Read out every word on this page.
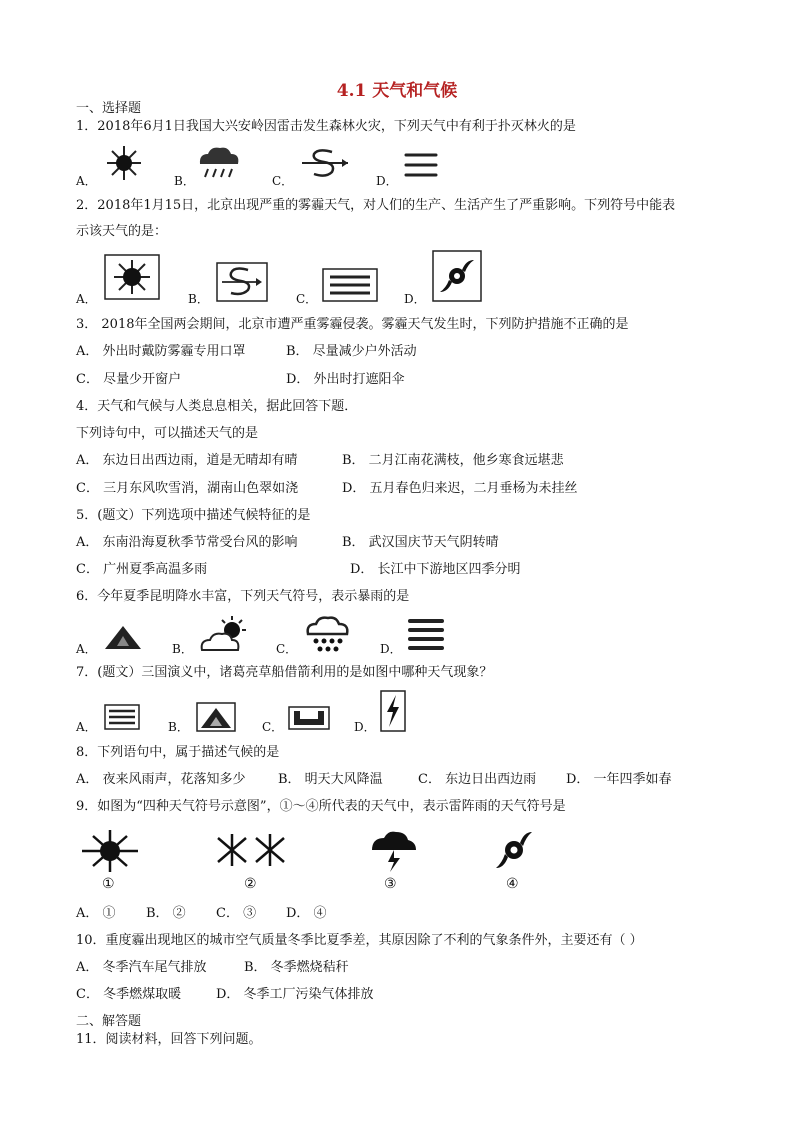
4.1 天气和气候
一、选择题
1．2018年6月1日我国大兴安岭因雷击发生森林火灾，下列天气中有利于扑灭林火的是
A．	B．	C．	D．
2．2018年1月15日，北京出现严重的雾霾天气，对人们的生产、生活产生了严重影响。下列符号中能表
示该天气的是：
A．	B．	C．	D．
3． 2018年全国两会期间，北京市遭严重雾霾侵袭。雾霾天气发生时，下列防护措施不正确的是
A． 外出时戴防雾霾专用口罩	B． 尽量减少户外活动
C． 尽量少开窗户	D． 外出时打遮阳伞
4．天气和气候与人类息息相关，据此回答下题．
下列诗句中，可以描述天气的是
A． 东边日出西边雨，道是无晴却有晴	B． 二月江南花满枝，他乡寒食远堪悲
C． 三月东风吹雪消，湖南山色翠如浇	D． 五月春色归来迟，二月垂杨为未挂丝
5．(题文）下列选项中描述气候特征的是
A． 东南沿海夏秋季节常受台风的影响	B． 武汉国庆节天气阴转晴
C． 广州夏季高温多雨	D． 长江中下游地区四季分明
6．今年夏季昆明降水丰富，下列天气符号，表示暴雨的是
A．	B．	C．	D．
7．(题文）三国演义中，诸葛亮草船借箭利用的是如图中哪种天气现象？
A．	B．	C．	D．
8．下列语句中，属于描述气候的是
A． 夜来风雨声，花落知多少 B． 明天大风降温	C． 东边日出西边雨 D． 一年四季如春
9．如图为“四种天气符号示意图”，①～④所代表的天气中，表示雷阵雨的天气符号是
①	②	③	④
A． ① B． ② C． ③ D． ④
10．重度霾出现地区的城市空气质量冬季比夏季差，其原因除了不利的气象条件外，主要还有（ ）
A． 冬季汽车尾气排放	B． 冬季燃烧秸秆
C． 冬季燃煤取暖	D． 冬季工厂污染气体排放
二、解答题
11．阅读材料，回答下列问题。
